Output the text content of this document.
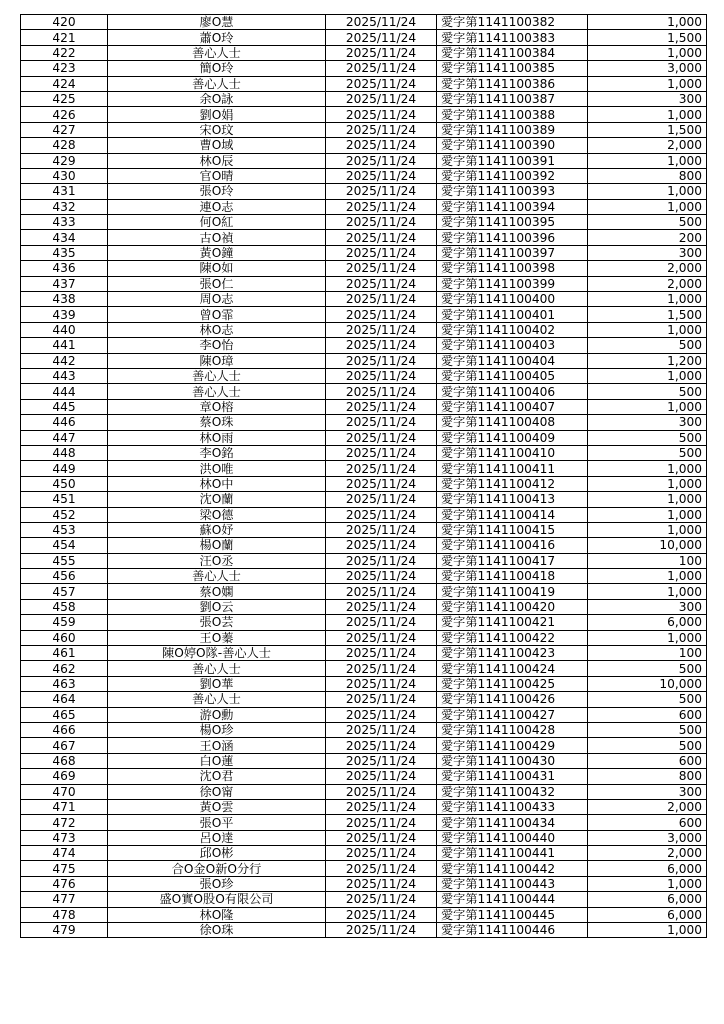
420	廖O慧	2025/11/24	愛字第1141100382	1,000
421	蕭O玲	2025/11/24	愛字第1141100383	1,500
422	善心人士	2025/11/24	愛字第1141100384	1,000
423	簡O玲	2025/11/24	愛字第1141100385	3,000
424	善心人士	2025/11/24	愛字第1141100386	1,000
425	余O詠	2025/11/24	愛字第1141100387	300
426	劉O娟	2025/11/24	愛字第1141100388	1,000
427	宋O玟	2025/11/24	愛字第1141100389	1,500
428	曹O域	2025/11/24	愛字第1141100390	2,000
429	林O辰	2025/11/24	愛字第1141100391	1,000
430	官O晴	2025/11/24	愛字第1141100392	800
431	張O玲	2025/11/24	愛字第1141100393	1,000
432	連O志	2025/11/24	愛字第1141100394	1,000
433	何O紅	2025/11/24	愛字第1141100395	500
434	古O禎	2025/11/24	愛字第1141100396	200
435	黃O鐘	2025/11/24	愛字第1141100397	300
436	陳O如	2025/11/24	愛字第1141100398	2,000
437	張O仁	2025/11/24	愛字第1141100399	2,000
438	周O志	2025/11/24	愛字第1141100400	1,000
439	曾O霏	2025/11/24	愛字第1141100401	1,500
440	林O志	2025/11/24	愛字第1141100402	1,000
441	李O怡	2025/11/24	愛字第1141100403	500
442	陳O璋	2025/11/24	愛字第1141100404	1,200
443	善心人士	2025/11/24	愛字第1141100405	1,000
444	善心人士	2025/11/24	愛字第1141100406	500
445	章O榕	2025/11/24	愛字第1141100407	1,000
446	蔡O珠	2025/11/24	愛字第1141100408	300
447	林O雨	2025/11/24	愛字第1141100409	500
448	李O銘	2025/11/24	愛字第1141100410	500
449	洪O唯	2025/11/24	愛字第1141100411	1,000
450	林O中	2025/11/24	愛字第1141100412	1,000
451	沈O蘭	2025/11/24	愛字第1141100413	1,000
452	梁O德	2025/11/24	愛字第1141100414	1,000
453	蘇O妤	2025/11/24	愛字第1141100415	1,000
454	楊O蘭	2025/11/24	愛字第1141100416	10,000
455	汪O丞	2025/11/24	愛字第1141100417	100
456	善心人士	2025/11/24	愛字第1141100418	1,000
457	蔡O嫻	2025/11/24	愛字第1141100419	1,000
458	劉O云	2025/11/24	愛字第1141100420	300
459	張O芸	2025/11/24	愛字第1141100421	6,000
460	王O蓁	2025/11/24	愛字第1141100422	1,000
461	陳O婷O隊-善心人士	2025/11/24	愛字第1141100423	100
462	善心人士	2025/11/24	愛字第1141100424	500
463	劉O華	2025/11/24	愛字第1141100425	10,000
464	善心人士	2025/11/24	愛字第1141100426	500
465	游O勳	2025/11/24	愛字第1141100427	600
466	楊O珍	2025/11/24	愛字第1141100428	500
467	王O涵	2025/11/24	愛字第1141100429	500
468	白O蓮	2025/11/24	愛字第1141100430	600
469	沈O君	2025/11/24	愛字第1141100431	800
470	徐O甯	2025/11/24	愛字第1141100432	300
471	黃O雲	2025/11/24	愛字第1141100433	2,000
472	張O平	2025/11/24	愛字第1141100434	600
473	呂O達	2025/11/24	愛字第1141100440	3,000
474	邱O彬	2025/11/24	愛字第1141100441	2,000
475	合O金O新O分行	2025/11/24	愛字第1141100442	6,000
476	張O珍	2025/11/24	愛字第1141100443	1,000
477	盛O實O股O有限公司	2025/11/24	愛字第1141100444	6,000
478	林O隆	2025/11/24	愛字第1141100445	6,000
479	徐O珠	2025/11/24	愛字第1141100446	1,000
